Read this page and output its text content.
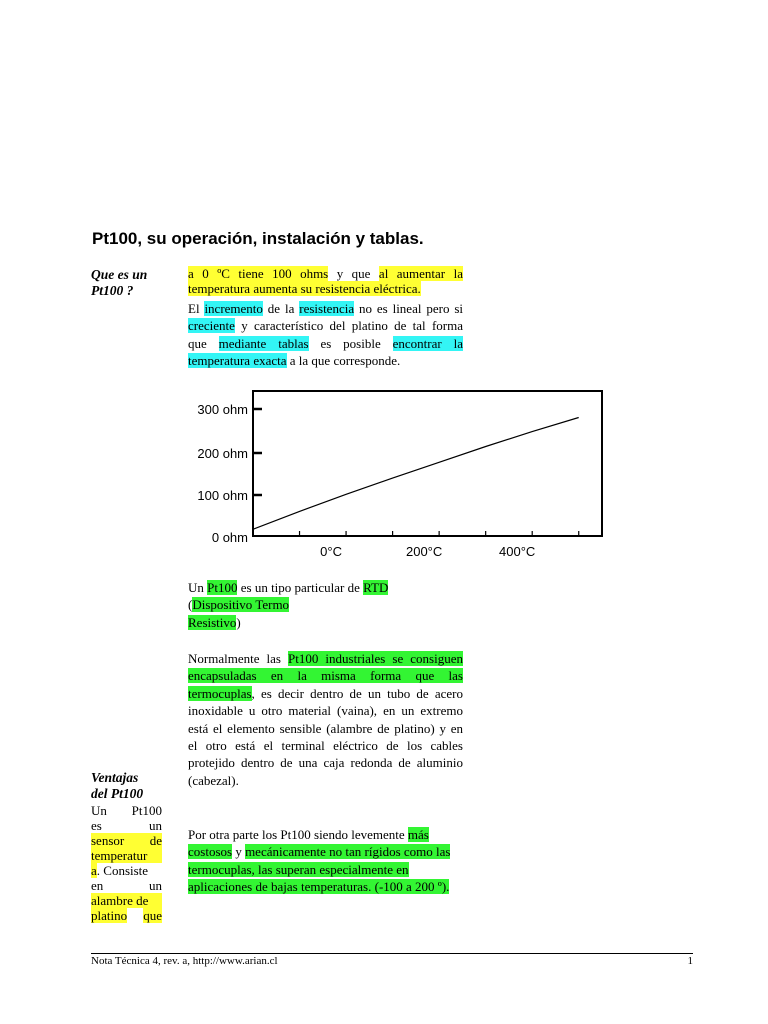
Pt100, su operación, instalación y tablas.
Que es un
Pt100 ?
a 0 ºC tiene 100 ohms y que al aumentar la temperatura aumenta su resistencia eléctrica.
El incremento de la resistencia no es lineal pero si creciente y característico del platino de tal forma que mediante tablas es posible encontrar la temperatura exacta a la que corresponde.
300 ohm
200 ohm
100 ohm
0 ohm
0°C	200°C	400°C
Un Pt100 es un tipo particular de RTD
(Dispositivo Termo
Resistivo)
Normalmente las Pt100 industriales se consiguen encapsuladas en la misma forma que las termocuplas, es decir dentro de un tubo de acero inoxidable u otro material (vaina), en un extremo está el elemento sensible (alambre de platino) y en el otro está el terminal eléctrico de los cables protejido dentro de una caja redonda de aluminio (cabezal).
Por otra parte los Pt100 siendo levemente más costosos y mecánicamente no tan rígidos como las termocuplas, las superan especialmente en aplicaciones de bajas temperaturas. (-100 a 200 º).
Ventajas
del Pt100
Un Pt100
es	un
sensor de
temperatur
a. Consiste
en	un
alambre de
platino que
Nota Técnica 4, rev. a, http://www.arian.cl	1
